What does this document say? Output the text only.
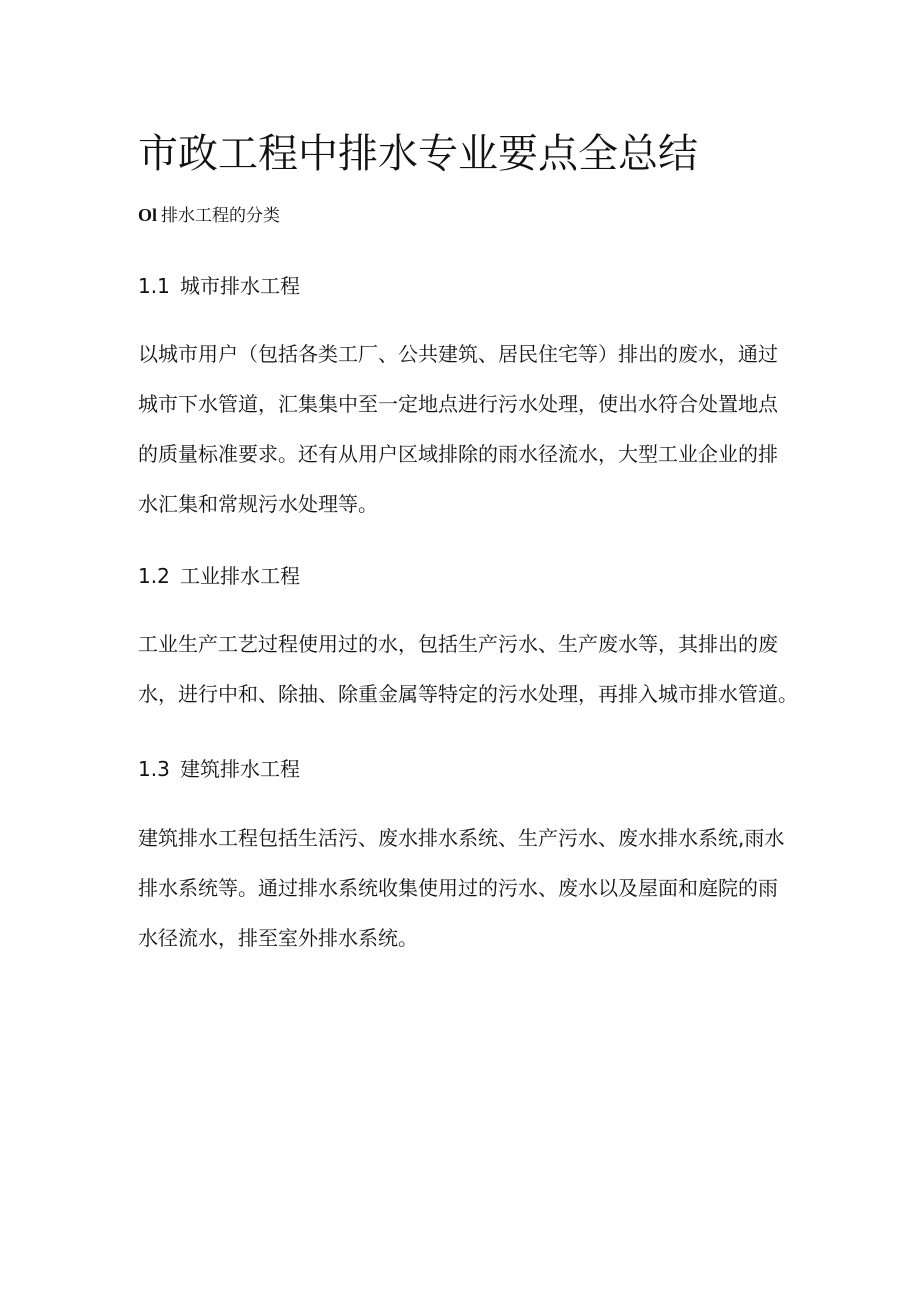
市政工程中排水专业要点全总结
Ol 排水工程的分类
1.1 城市排水工程
以城市用户（包括各类工厂、公共建筑、居民住宅等）排出的废水，通过
城市下水管道，汇集集中至一定地点进行污水处理，使出水符合处置地点
的质量标准要求。还有从用户区域排除的雨水径流水，大型工业企业的排
水汇集和常规污水处理等。
1.2 工业排水工程
工业生产工艺过程使用过的水，包括生产污水、生产废水等，其排出的废
水，进行中和、除抽、除重金属等特定的污水处理，再排入城市排水管道。
1.3 建筑排水工程
建筑排水工程包括生活污、废水排水系统、生产污水、废水排水系统,雨水
排水系统等。通过排水系统收集使用过的污水、废水以及屋面和庭院的雨
水径流水，排至室外排水系统。
